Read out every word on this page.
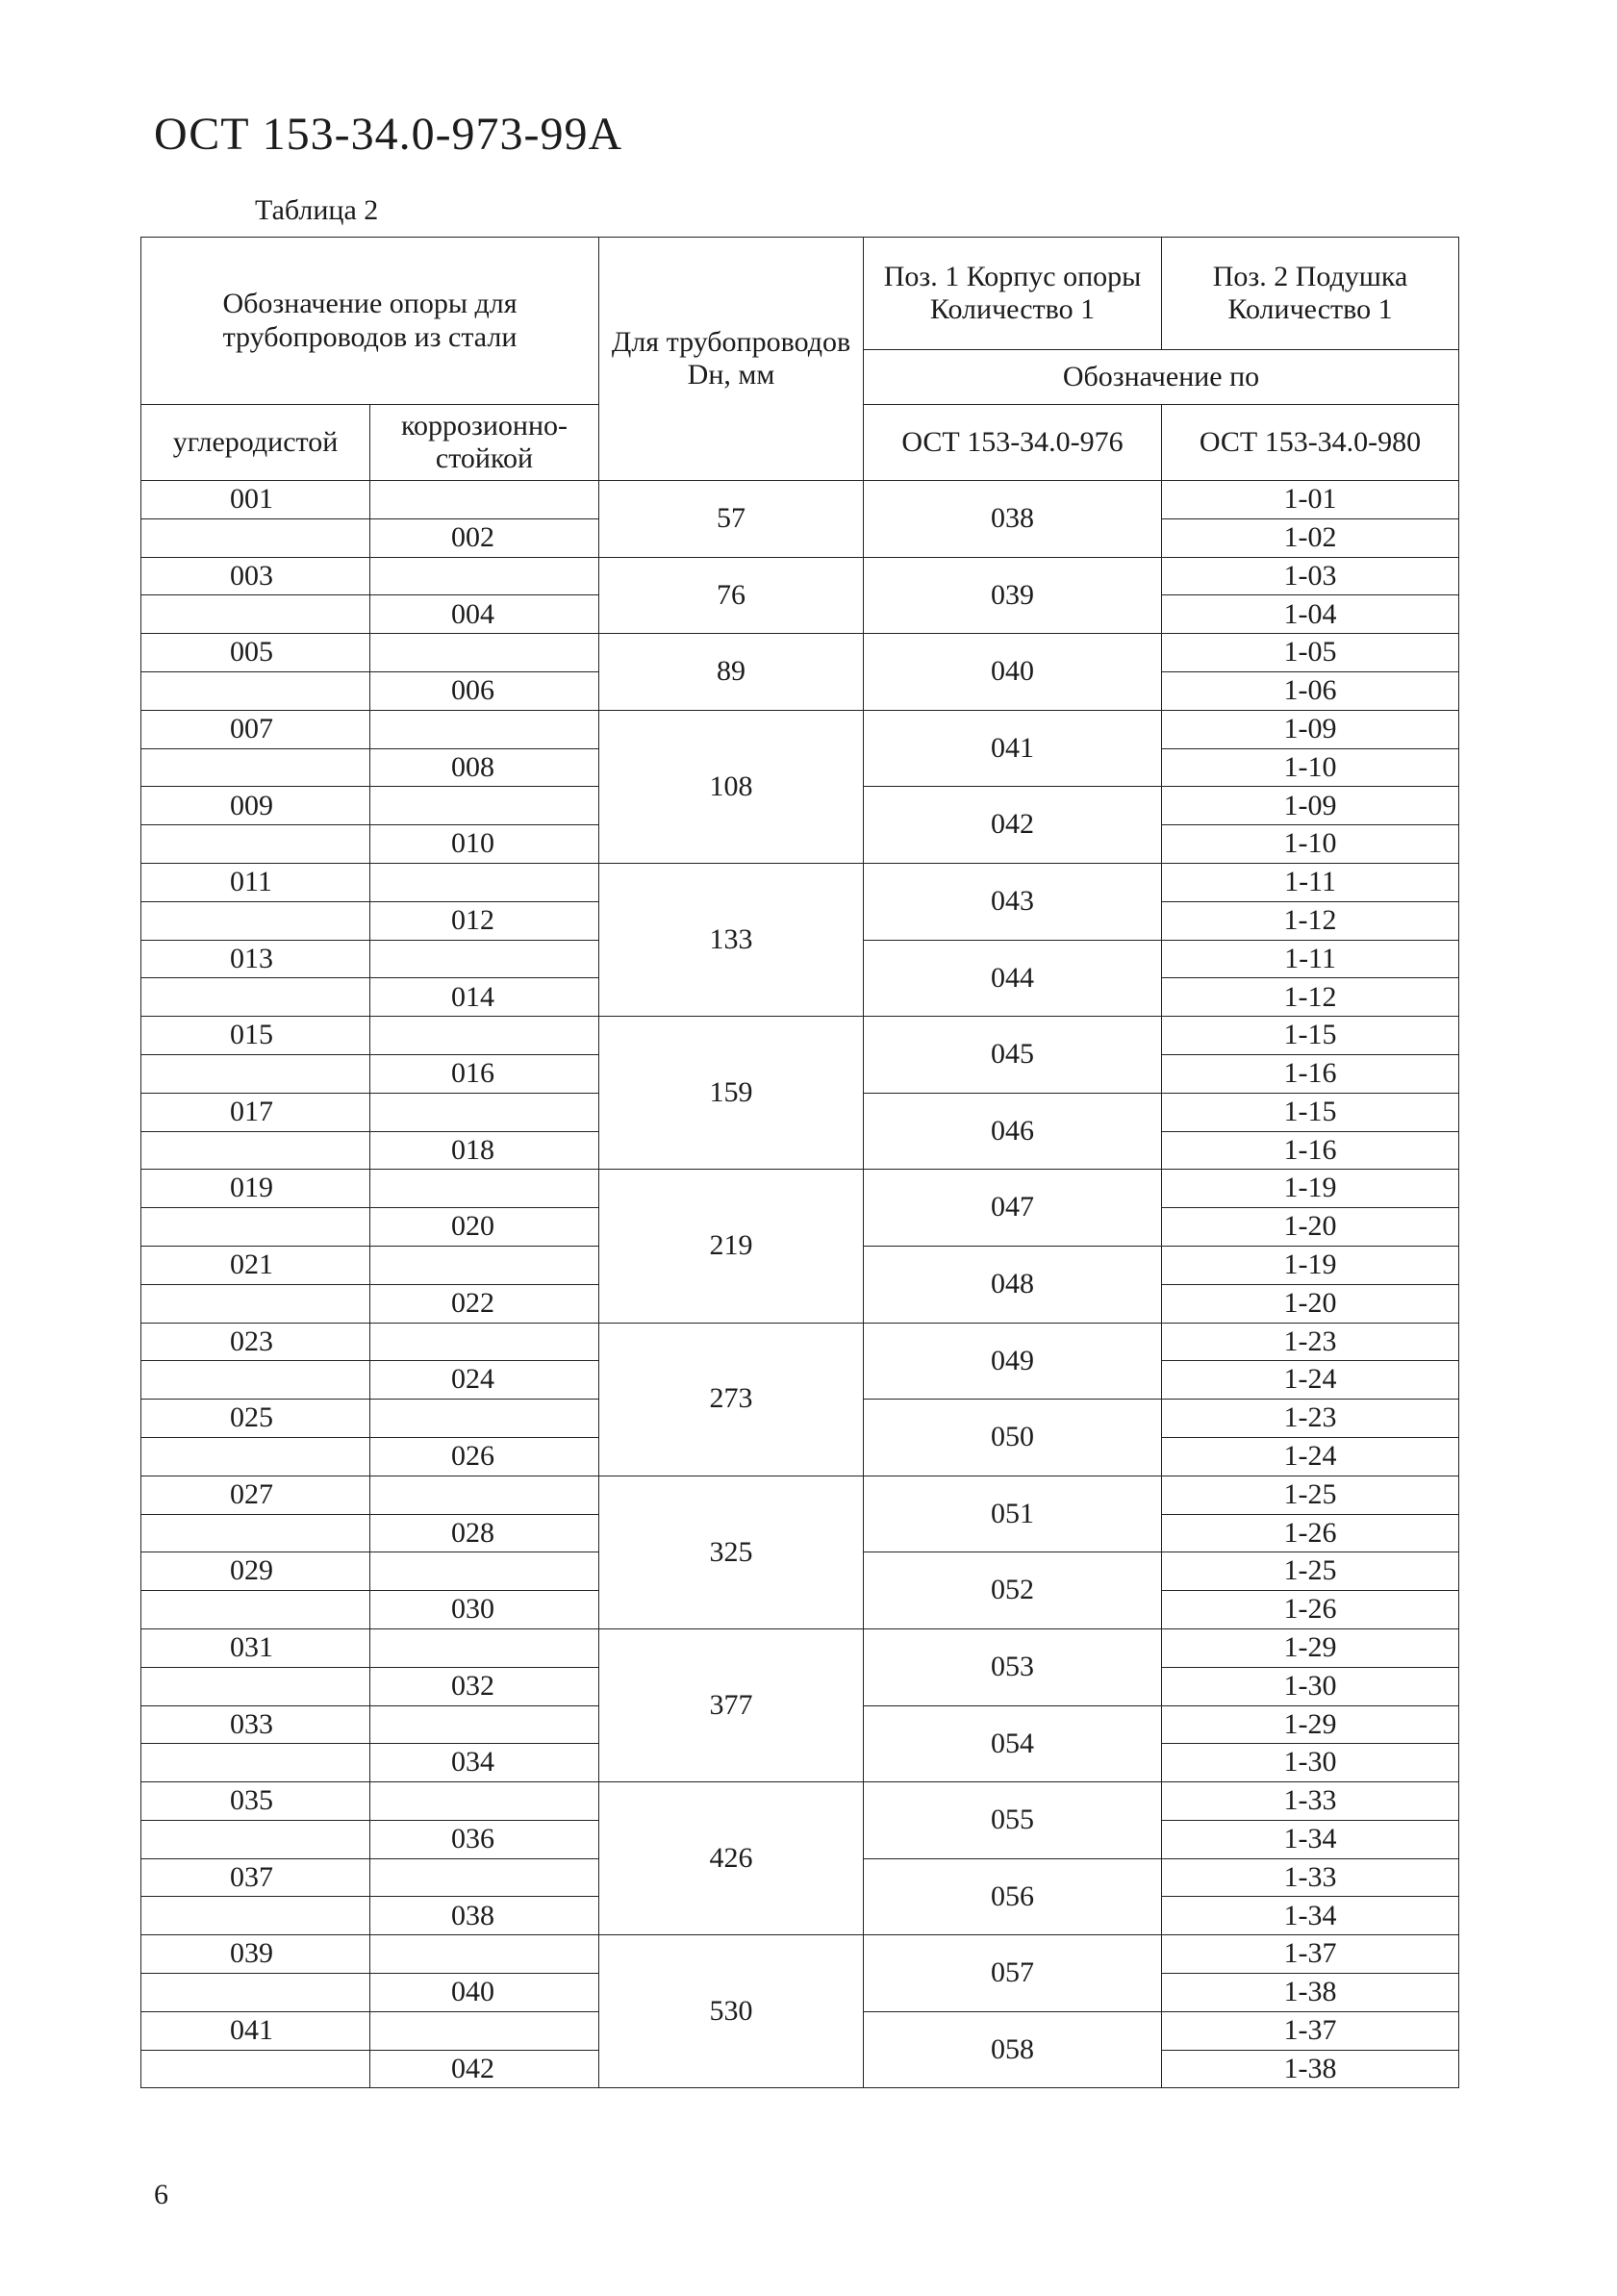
ОСТ 153-34.0-973-99А
Таблица 2
Обозначение опоры для трубопроводов из стали		Для трубопроводов Dн, мм	Поз. 1 Корпус опоры Количество 1	Поз. 2 Подушка Количество 1
			Обозначение по	
углеродистой	коррозионно-стойкой		ОСТ 153-34.0-976	ОСТ 153-34.0-980
001		57	038	1-01
	002			1-02
003		76	039	1-03
	004			1-04
005		89	040	1-05
	006			1-06
007		108	041	1-09
	008			1-10
009			042	1-09
	010			1-10
011		133	043	1-11
	012			1-12
013			044	1-11
	014			1-12
015		159	045	1-15
	016			1-16
017			046	1-15
	018			1-16
019		219	047	1-19
	020			1-20
021			048	1-19
	022			1-20
023		273	049	1-23
	024			1-24
025			050	1-23
	026			1-24
027		325	051	1-25
	028			1-26
029			052	1-25
	030			1-26
031		377	053	1-29
	032			1-30
033			054	1-29
	034			1-30
035		426	055	1-33
	036			1-34
037			056	1-33
	038			1-34
039		530	057	1-37
	040			1-38
041			058	1-37
	042			1-38
6
